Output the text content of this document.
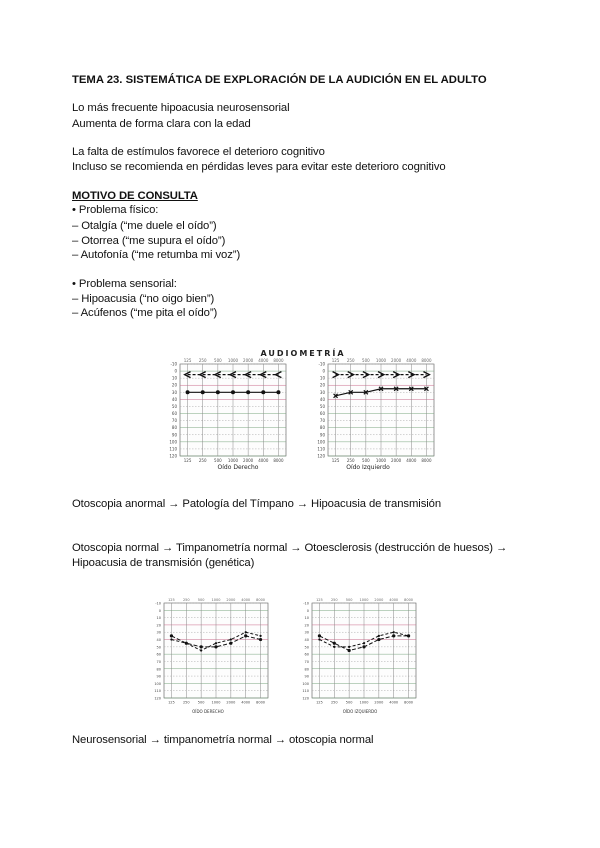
TEMA 23. SISTEMÁTICA DE EXPLORACIÓN DE LA AUDICIÓN EN EL ADULTO
Lo más frecuente hipoacusia neurosensorial
Aumenta de forma clara con la edad
La falta de estímulos favorece el deterioro cognitivo
Incluso se recomienda en pérdidas leves para evitar este deterioro cognitivo
MOTIVO DE CONSULTA
• Problema físico:
– Otalgía (“me duele el oído”)
– Otorrea (“me supura el oído”)
– Autofonía (“me retumba mi voz”)
• Problema sensorial:
– Hipoacusia (“no oigo bien”)
– Acúfenos (“me pita el oído”)
AUDIOMETRÍA
-10
0
10
20
30
40
50
60
70
80
90
100
110
120
125
125
250
250
500
500
1000
1000
2000
2000
4000
4000
8000
8000
-10
0
10
20
30
40
50
60
70
80
90
100
110
120
125
125
250
250
500
500
1000
1000
2000
2000
4000
4000
8000
8000
Oído Derecho	Oído Izquierdo
Otoscopia anormal → Patología del Tímpano → Hipoacusia de transmisión
Otoscopia normal → Timpanometría normal → Otoesclerosis (destrucción de huesos) →
Hipoacusia de transmisión (genética)
-10
0
10
20
30
40
50
60
70
80
90
100
110
120
125
125
250
250
500
500
1000
1000
2000
2000
4000
4000
8000
8000
-10
0
10
20
30
40
50
60
70
80
90
100
110
120
125
125
250
250
500
500
1000
1000
2000
2000
4000
4000
8000
8000
OÍDO DERECHO	OÍDO IZQUIERDO
Neurosensorial → timpanometría normal → otoscopia normal
